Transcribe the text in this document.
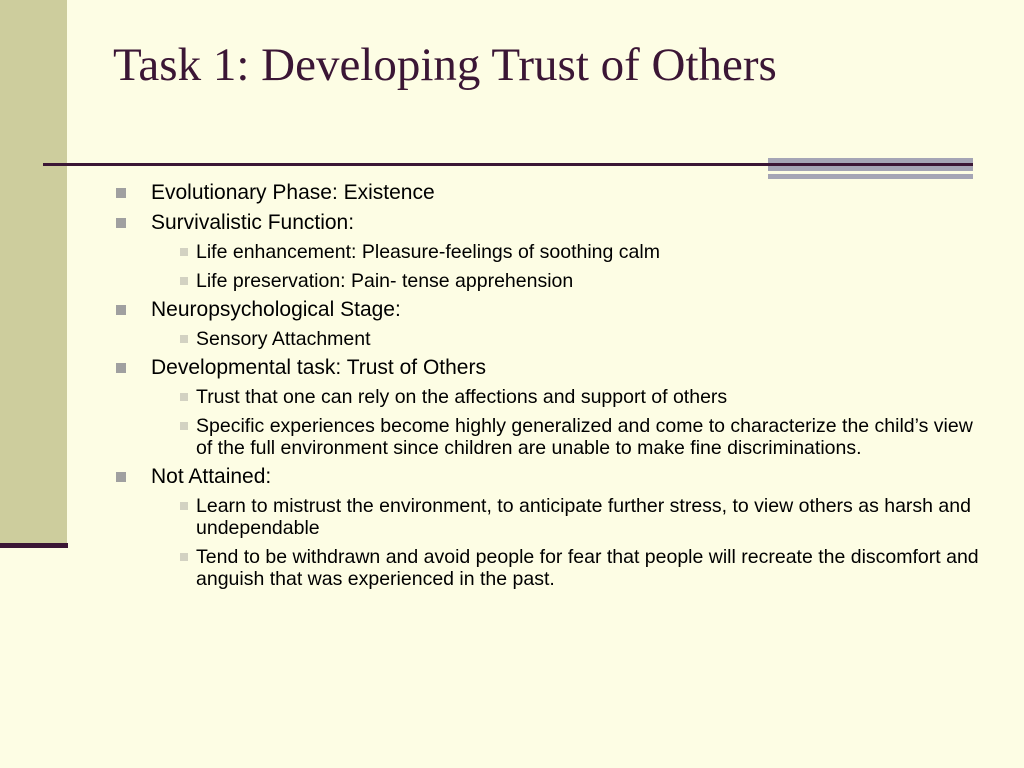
Task 1: Developing Trust of Others
Evolutionary Phase: Existence
Survivalistic Function:
Life enhancement: Pleasure-feelings of soothing calm
Life preservation: Pain- tense apprehension
Neuropsychological Stage:
Sensory Attachment
Developmental task: Trust of Others
Trust that one can rely on the affections and support of others
Specific experiences become highly generalized and come to characterize the child’s view of the full environment since children are unable to make fine discriminations.
Not Attained:
Learn to mistrust the environment, to anticipate further stress, to view others as harsh and undependable
Tend to be withdrawn and avoid people for fear that people will recreate the discomfort and anguish that was experienced in the past.
